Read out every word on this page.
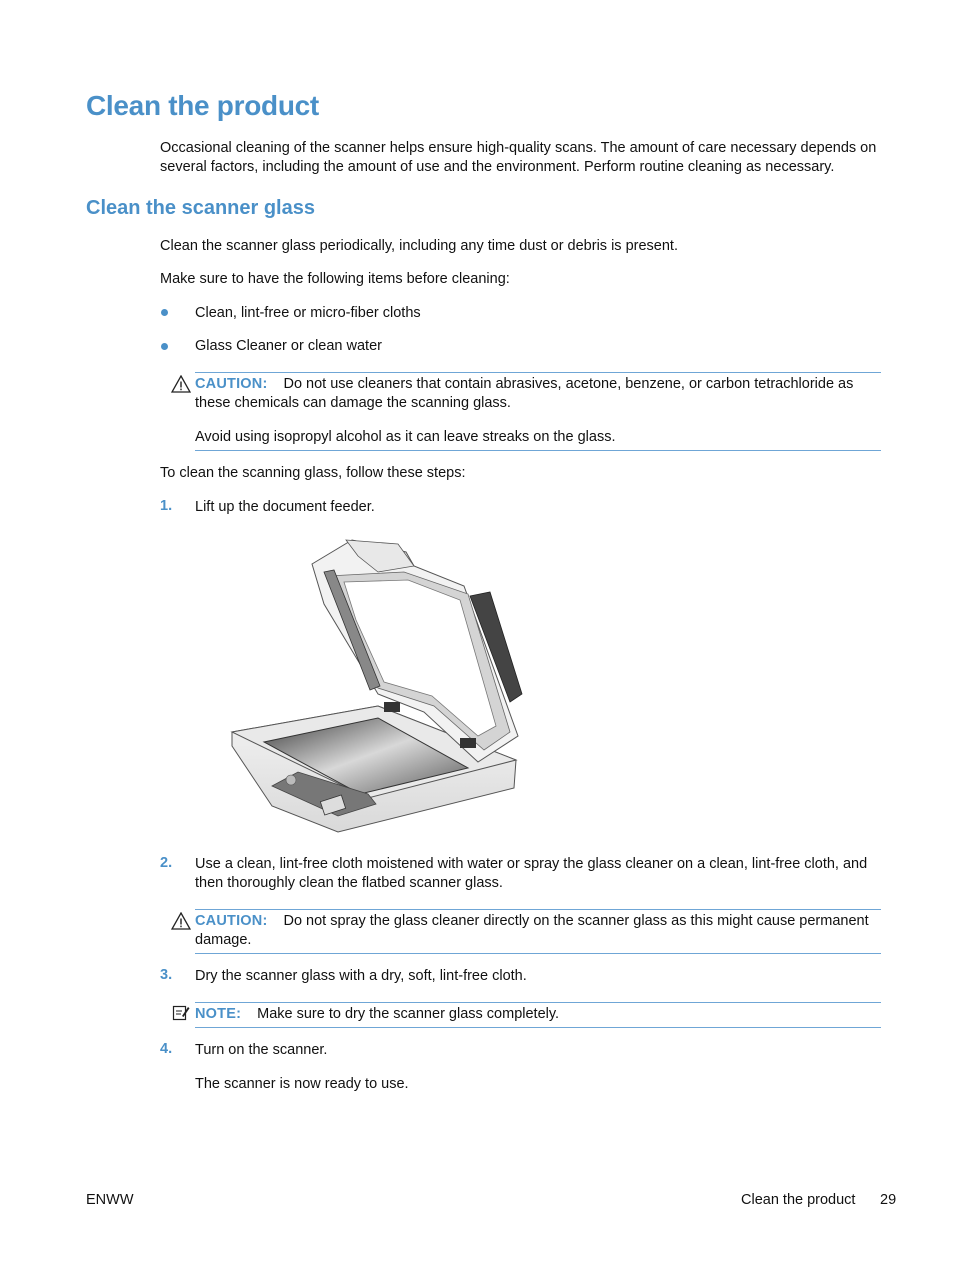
Clean the product
Occasional cleaning of the scanner helps ensure high-quality scans. The amount of care necessary depends on several factors, including the amount of use and the environment. Perform routine cleaning as necessary.
Clean the scanner glass
Clean the scanner glass periodically, including any time dust or debris is present.
Make sure to have the following items before cleaning:
Clean, lint-free or micro-fiber cloths
Glass Cleaner or clean water
CAUTION: Do not use cleaners that contain abrasives, acetone, benzene, or carbon tetrachloride as these chemicals can damage the scanning glass.
Avoid using isopropyl alcohol as it can leave streaks on the glass.
To clean the scanning glass, follow these steps:
1. Lift up the document feeder.
2. Use a clean, lint-free cloth moistened with water or spray the glass cleaner on a clean, lint-free cloth, and then thoroughly clean the flatbed scanner glass.
CAUTION: Do not spray the glass cleaner directly on the scanner glass as this might cause permanent damage.
3. Dry the scanner glass with a dry, soft, lint-free cloth.
NOTE: Make sure to dry the scanner glass completely.
4. Turn on the scanner.
The scanner is now ready to use.
ENWW	Clean the product 29
